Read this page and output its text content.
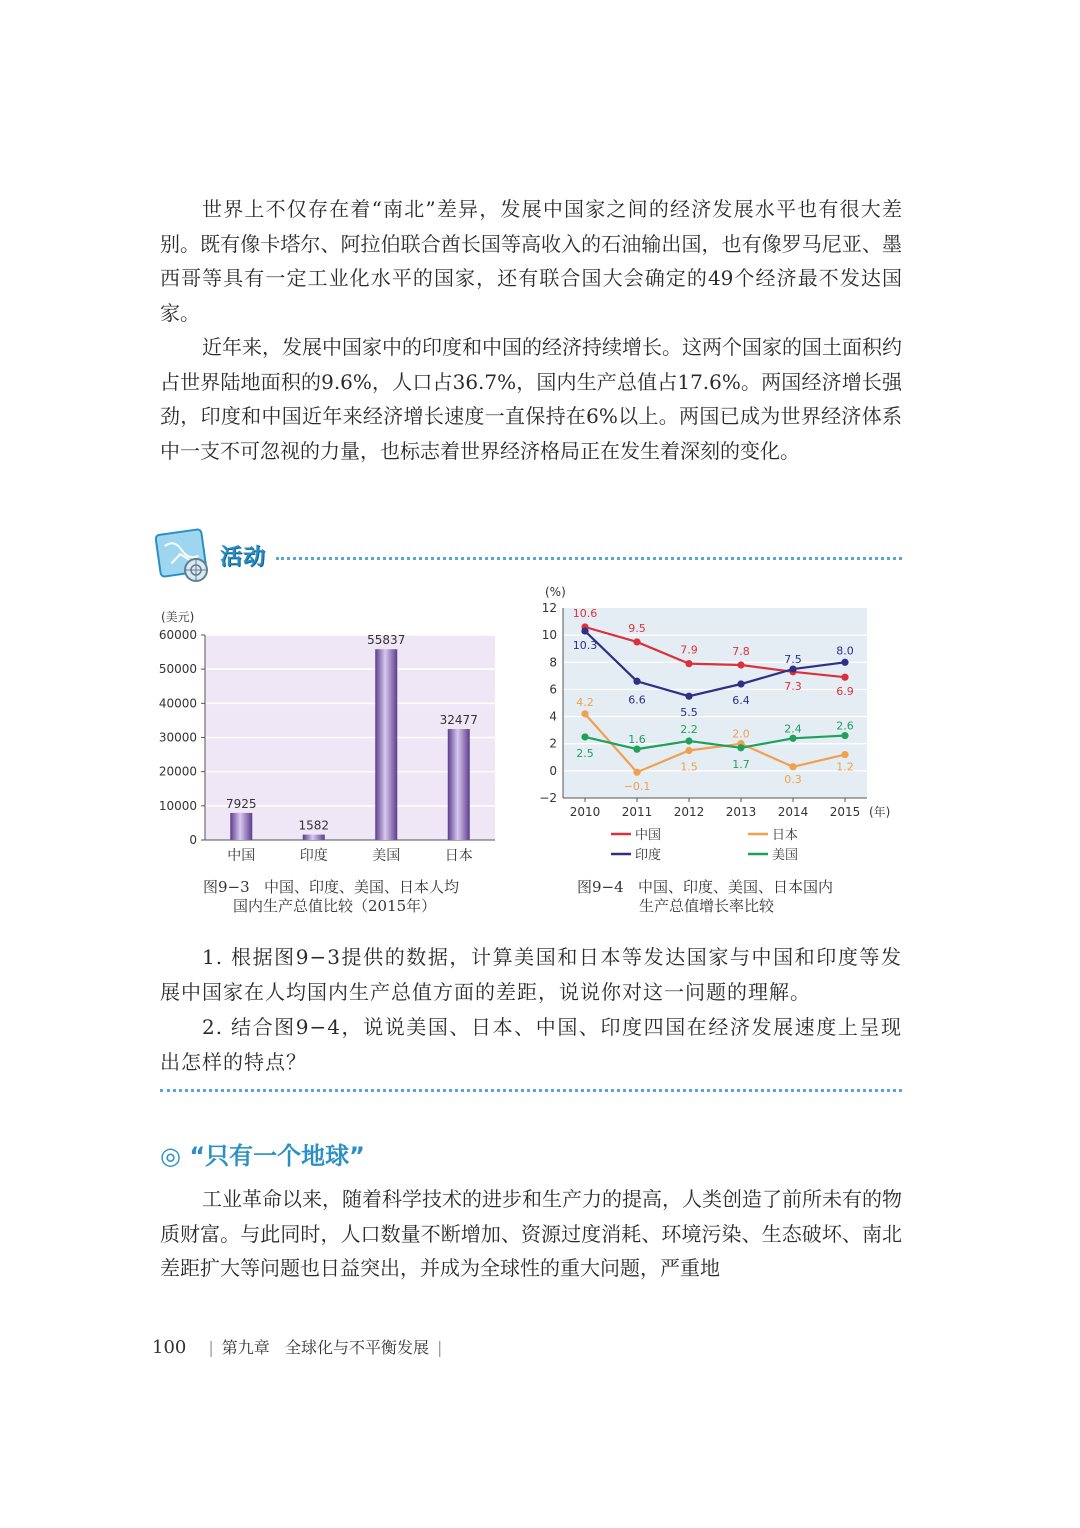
世界上不仅存在着“南北”差异，发展中国家之间的经济发展水平也有很大差别。既有像卡塔尔、阿拉伯联合酋长国等高收入的石油输出国，也有像罗马尼亚、墨西哥等具有一定工业化水平的国家，还有联合国大会确定的49个经济最不发达国家。

近年来，发展中国家中的印度和中国的经济持续增长。这两个国家的国土面积约占世界陆地面积的9.6%，人口占36.7%，国内生产总值占17.6%。两国经济增长强劲，印度和中国近年来经济增长速度一直保持在6%以上。两国已成为世界经济体系中一支不可忽视的力量，也标志着世界经济格局正在发生着深刻的变化。

活动
0
10000
20000
30000
40000
50000
60000
(美元)
7925
中国
1582
印度
55837
美国
32477
日本
图9−3 中国、印度、美国、日本人均
国内生产总值比较（2015年）
−2
0
2
4
6
8
10
12
(%)
2010 2011 2012 2013 2014 2015 (年)
10.6
9.5
7.9	7.8
7.3	6.9
10.3
6.6
5.5
6.4
7.5
8.0
4.2
−0.1
1.5
2.0
0.3
1.2
2.5
1.6
2.2
1.7
2.4	2.6
中国
印度
日本
美国
图9−4 中国、印度、美国、日本国内
生产总值增长率比较

1. 根据图9−3提供的数据，计算美国和日本等发达国家与中国和印度等发展中国家在人均国内生产总值方面的差距，说说你对这一问题的理解。

2. 结合图9−4，说说美国、日本、中国、印度四国在经济发展速度上呈现出怎样的特点？

◎ “只有一个地球”

工业革命以来，随着科学技术的进步和生产力的提高，人类创造了前所未有的物质财富。与此同时，人口数量不断增加、资源过度消耗、环境污染、生态破坏、南北差距扩大等问题也日益突出，并成为全球性的重大问题，严重地

100 | 第九章 全球化与不平衡发展 |
